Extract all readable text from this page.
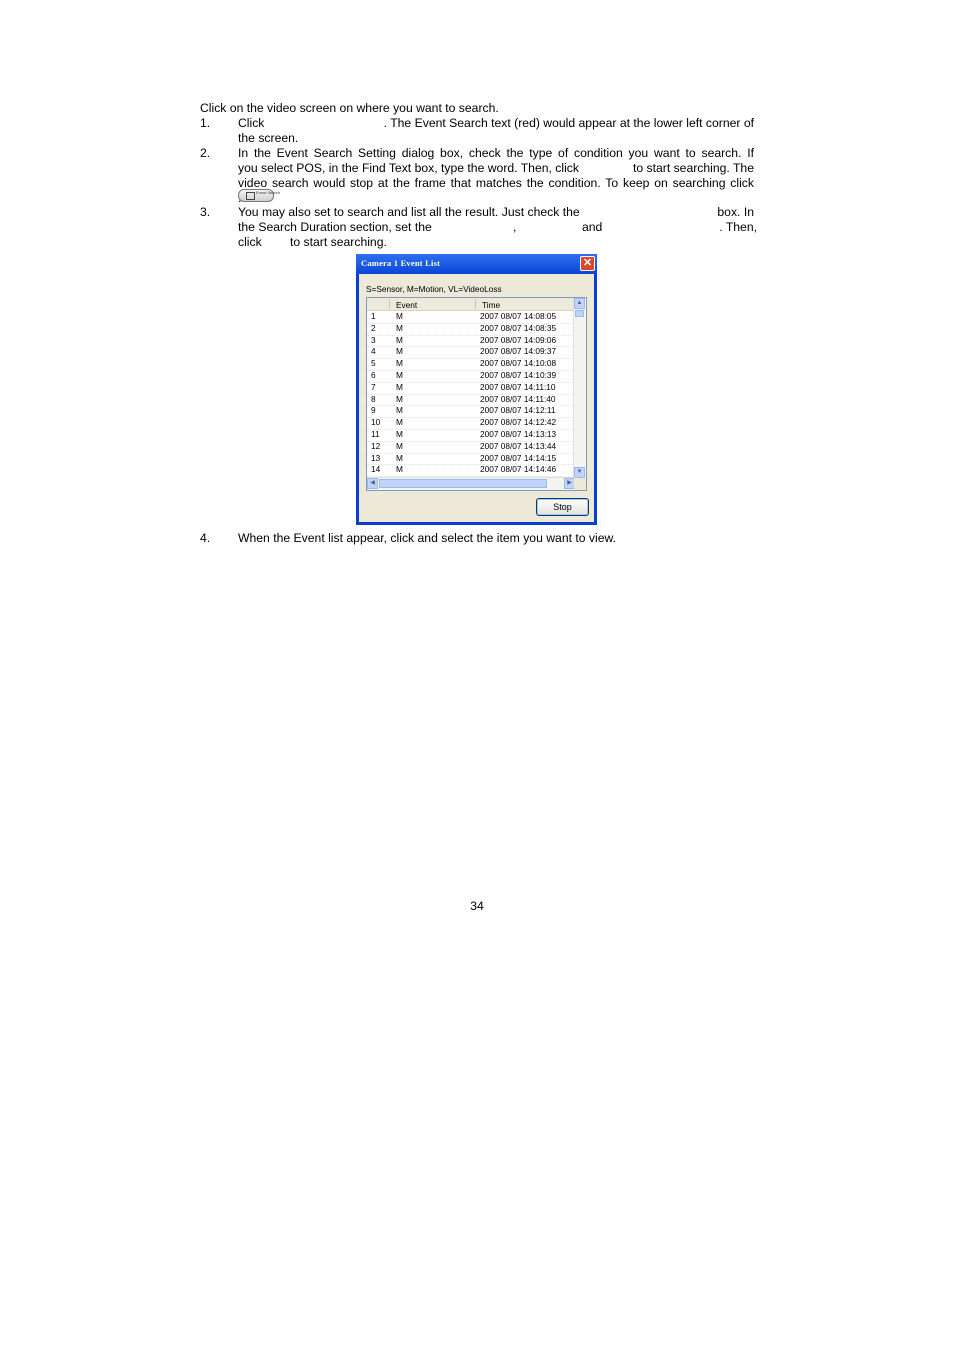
Click on the video screen on where you want to search.
1. Click	. The Event Search text (red) would appear at the lower left corner of
the screen.
2. In the Event Search Setting dialog box, check the type of condition you want to search. If
you select POS, in the Find Text box, type the word. Then, click	to start searching. The
video search would stop at the frame that matches the condition. To keep on searching click
Event Search
.
3. You may also set to search and list all the result. Just check the	box. In
the Search Duration section, set the	,	and	. Then,
click to start searching.
Camera 1 Event List	✕
S=Sensor, M=Motion, VL=VideoLoss
Event	Time
1 M	2007 08/07 14:08:05
2 M	2007 08/07 14:08:35
3 M	2007 08/07 14:09:06
4 M	2007 08/07 14:09:37
5 M	2007 08/07 14:10:08
6 M	2007 08/07 14:10:39
7 M	2007 08/07 14:11:10
8 M	2007 08/07 14:11:40
9 M	2007 08/07 14:12:11
10 M	2007 08/07 14:12:42
11 M	2007 08/07 14:13:13
12 M	2007 08/07 14:13:44
13 M	2007 08/07 14:14:15
14 M	2007 08/07 14:14:46
▲
▼
◀	▶
Stop
4. When the Event list appear, click and select the item you want to view.
34
